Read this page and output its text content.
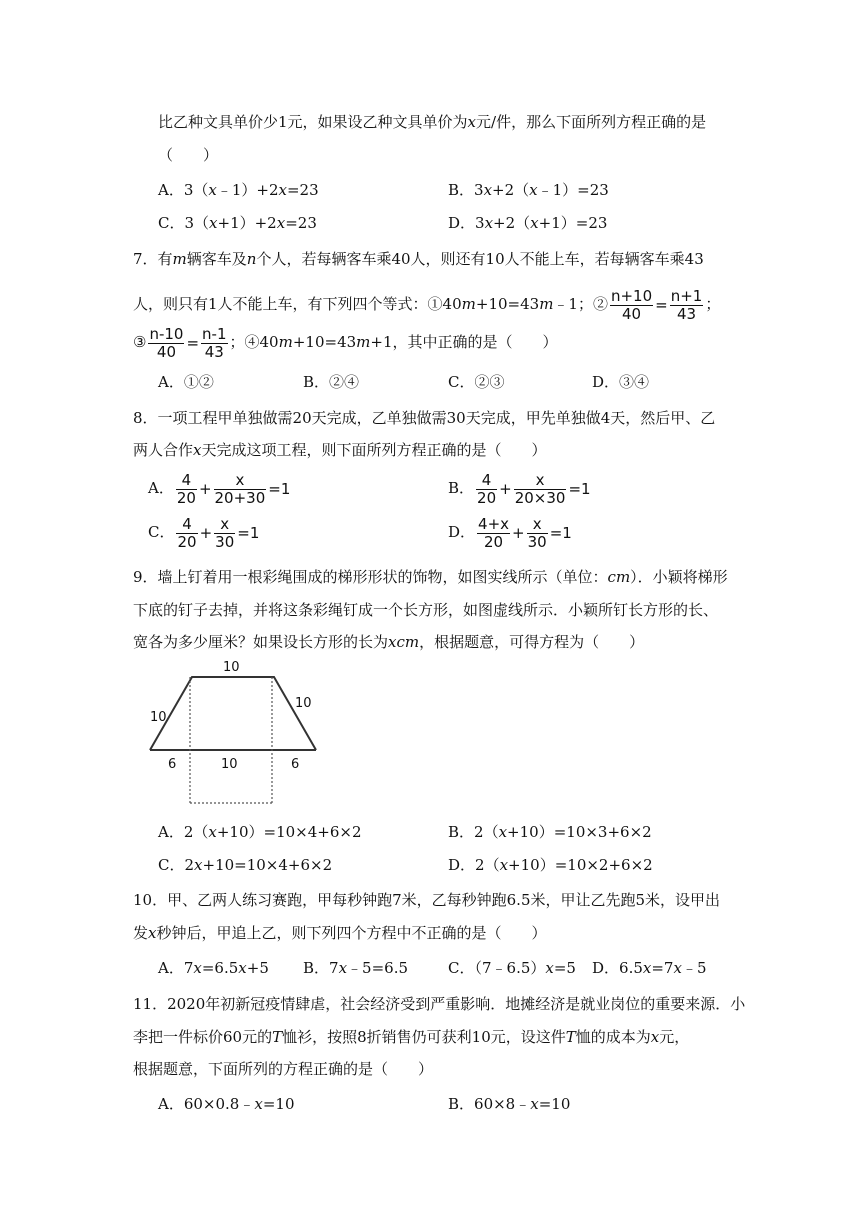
比乙种文具单价少1元，如果设乙种文具单价为x元/件，那么下面所列方程正确的是
（　　）
A．3（x﹣1）+2x=23	B．3x+2（x﹣1）=23
C．3（x+1）+2x=23	D．3x+2（x+1）=23
7．有m辆客车及n个人，若每辆客车乘40人，则还有10人不能上车，若每辆客车乘43
人，则只有1人不能上车，有下列四个等式：①40m+10=43m﹣1；② $\frac{n+10}{40} = \frac{n+1}{43}$ ；
③ $\frac{n-10}{40} = \frac{n-1}{43}$ ；④40m+10=43m+1，其中正确的是（　　）
A．①②	B．②④	C．②③	D．③④
8．一项工程甲单独做需20天完成，乙单独做需30天完成，甲先单独做4天，然后甲、乙
两人合作x天完成这项工程，则下面所列方程正确的是（　　）
A． $\frac{4}{20} + \frac{x}{20+30} =1$	B． $\frac{4}{20} + \frac{x}{20\times 30} =1$
C． $\frac{4}{20} + \frac{x}{30} =1$	D． $\frac{4+x}{20} + \frac{x}{30} =1$
9．墙上钉着用一根彩绳围成的梯形形状的饰物，如图实线所示（单位：cm）．小颖将梯形
下底的钉子去掉，并将这条彩绳钉成一个长方形，如图虚线所示．小颖所钉长方形的长、
宽各为多少厘米？如果设长方形的长为xcm，根据题意，可得方程为（　　）
10
10
10
6	10	6
A．2（x+10）=10×4+6×2	B．2（x+10）=10×3+6×2
C．2x+10=10×4+6×2	D．2（x+10）=10×2+6×2
10．甲、乙两人练习赛跑，甲每秒钟跑7米，乙每秒钟跑6.5米，甲让乙先跑5米，设甲出
发x秒钟后，甲追上乙，则下列四个方程中不正确的是（　　）
A．7x=6.5x+5 B．7x﹣5=6.5	C．（7﹣6.5）x=5 D．6.5x=7x﹣5
11．2020年初新冠疫情肆虐，社会经济受到严重影响．地摊经济是就业岗位的重要来源．小
李把一件标价60元的T恤衫，按照8折销售仍可获利10元，设这件T恤的成本为x元，
根据题意，下面所列的方程正确的是（　　）
A．60×0.8﹣x=10	B．60×8﹣x=10
